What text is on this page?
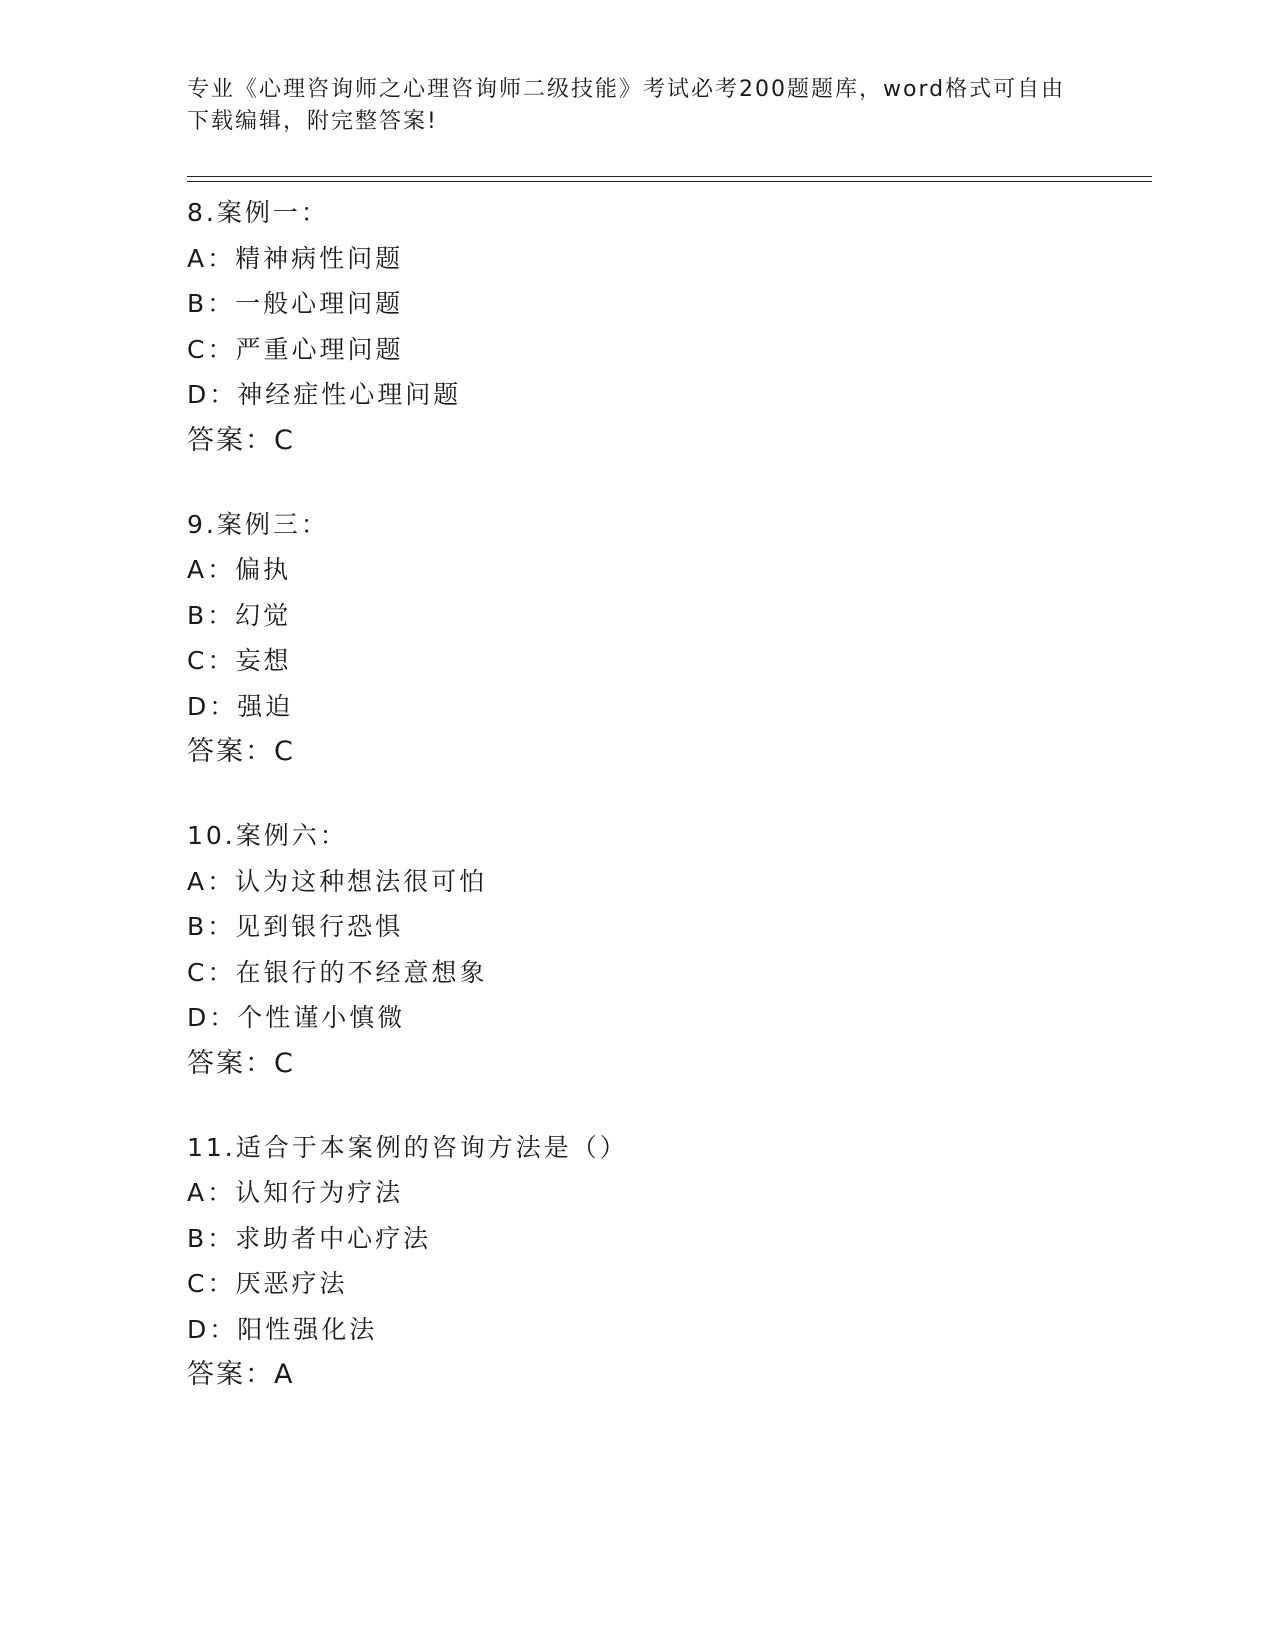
专业《心理咨询师之心理咨询师二级技能》考试必考200题题库，word格式可自由下载编辑，附完整答案!
8.案例一：
A：精神病性问题
B：一般心理问题
C：严重心理问题
D：神经症性心理问题
答案：C
9.案例三：
A：偏执
B：幻觉
C：妄想
D：强迫
答案：C
10.案例六：
A：认为这种想法很可怕
B：见到银行恐惧
C：在银行的不经意想象
D：个性谨小慎微
答案：C
11.适合于本案例的咨询方法是（）
A：认知行为疗法
B：求助者中心疗法
C：厌恶疗法
D：阳性强化法
答案：A
